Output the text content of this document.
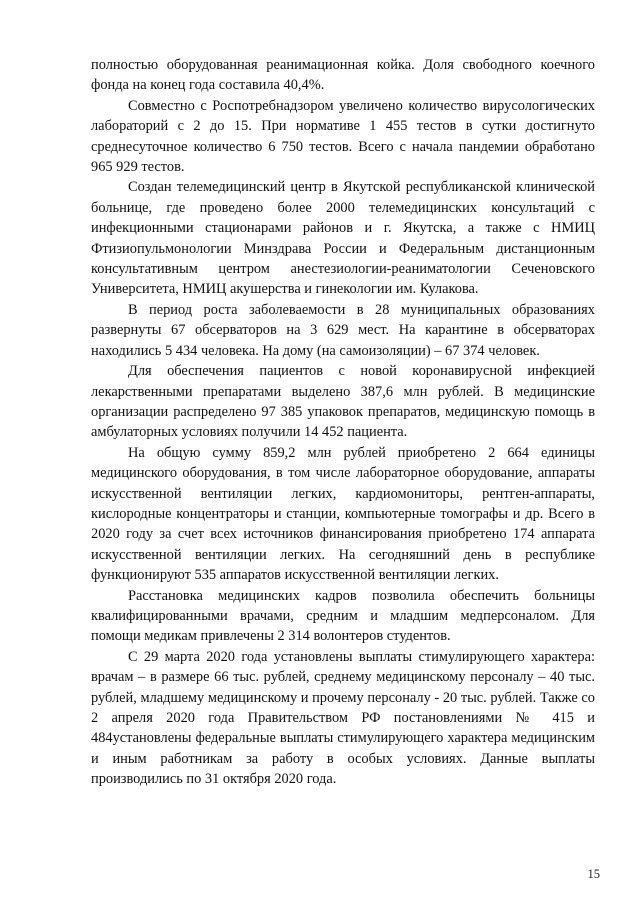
полностью оборудованная реанимационная койка. Доля свободного коечного фонда на конец года составила 40,4%.

Совместно с Роспотребнадзором увеличено количество вирусологических лабораторий с 2 до 15. При нормативе 1 455 тестов в сутки достигнуто среднесуточное количество 6 750 тестов. Всего с начала пандемии обработано 965 929 тестов.

Создан телемедицинский центр в Якутской республиканской клинической больнице, где проведено более 2000 телемедицинских консультаций с инфекционными стационарами районов и г. Якутска, а также с НМИЦ Фтизиопульмонологии Минздрава России и Федеральным дистанционным консультативным центром анестезиологии-реаниматологии Сеченовского Университета, НМИЦ акушерства и гинекологии им. Кулакова.

В период роста заболеваемости в 28 муниципальных образованиях развернуты 67 обсерваторов на 3 629 мест. На карантине в обсерваторах находились 5 434 человека. На дому (на самоизоляции) – 67 374 человек.

Для обеспечения пациентов с новой коронавирусной инфекцией лекарственными препаратами выделено 387,6 млн рублей. В медицинские организации распределено 97 385 упаковок препаратов, медицинскую помощь в амбулаторных условиях получили 14 452 пациента.

На общую сумму 859,2 млн рублей приобретено 2 664 единицы медицинского оборудования, в том числе лабораторное оборудование, аппараты искусственной вентиляции легких, кардиомониторы, рентген-аппараты, кислородные концентраторы и станции, компьютерные томографы и др. Всего в 2020 году за счет всех источников финансирования приобретено 174 аппарата искусственной вентиляции легких. На сегодняшний день в республике функционируют 535 аппаратов искусственной вентиляции легких.

Расстановка медицинских кадров позволила обеспечить больницы квалифицированными врачами, средним и младшим медперсоналом. Для помощи медикам привлечены 2 314 волонтеров студентов.

С 29 марта 2020 года установлены выплаты стимулирующего характера: врачам – в размере 66 тыс. рублей, среднему медицинскому персоналу – 40 тыс. рублей, младшему медицинскому и прочему персоналу - 20 тыс. рублей. Также со 2 апреля 2020 года Правительством РФ постановлениями № 415 и 484установлены федеральные выплаты стимулирующего характера медицинским и иным работникам за работу в особых условиях. Данные выплаты производились по 31 октября 2020 года.

15
